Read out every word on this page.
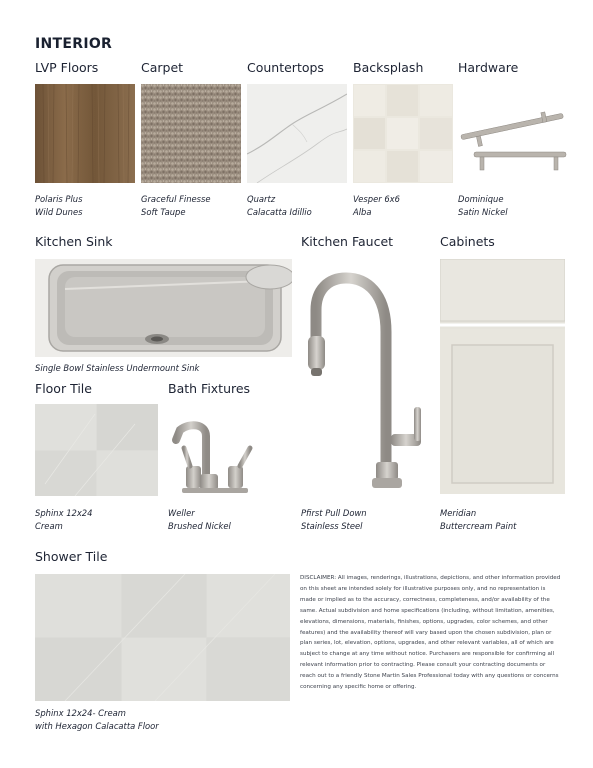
INTERIOR
LVP Floors	Carpet	Countertops Backsplash	Hardware
Polaris Plus
Wild Dunes
Graceful Finesse
Soft Taupe
Quartz
Calacatta Idillio
Vesper 6x6
Alba
Dominique
Satin Nickel
Kitchen Sink	Kitchen Faucet	Cabinets
Single Bowl Stainless Undermount Sink
Pfirst Pull Down
Stainless Steel
Meridian
Buttercream Paint
Floor Tile	Bath Fixtures
Sphinx 12x24
Cream
Weller
Brushed Nickel
Shower Tile
Sphinx 12x24- Cream
with Hexagon Calacatta Floor
DISCLAIMER: All images, renderings, illustrations, depictions, and other information provided on this sheet are intended solely for illustrative purposes only, and no representation is made or implied as to the accuracy, correctness, completeness, and/or availability of the same. Actual subdivision and home specifications (including, without limitation, amenities, elevations, dimensions, materials, finishes, options, upgrades, color schemes, and other features) and the availability thereof will vary based upon the chosen subdivision, plan or plan series, lot, elevation, options, upgrades, and other relevant variables, all of which are subject to change at any time without notice. Purchasers are responsible for confirming all relevant information prior to contracting. Please consult your contracting documents or reach out to a friendly Stone Martin Sales Professional today with any questions or concerns concerning any specific home or offering.
